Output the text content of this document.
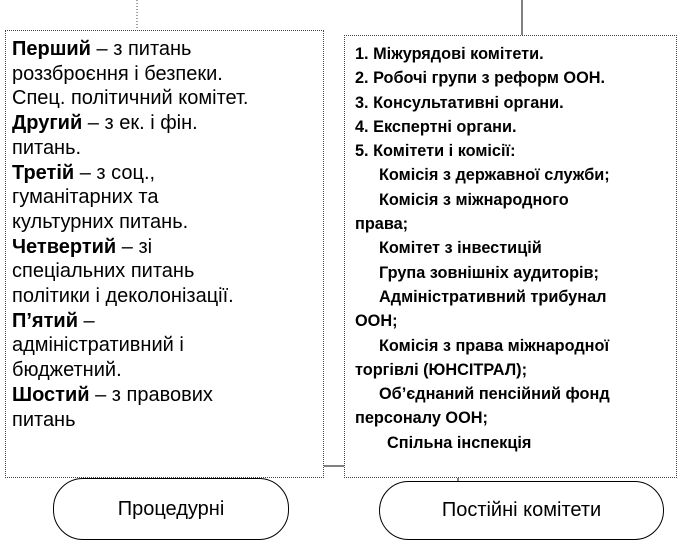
Перший – з питань
роззброєння і безпеки.
Спец. політичний комітет.
Другий – з ек. і фін.
питань.
Третій – з соц.,
гуманітарних та
культурних питань.
Четвертий – зі
спеціальних питань
політики і деколонізації.
П’ятий –
адміністративний і
бюджетний.
Шостий – з правових
питань
1. Міжурядові комітети.
2. Робочі групи з реформ ООН.
3. Консультативні органи.
4. Експертні органи.
5. Комітети і комісії:
Комісія з державної служби;
Комісія з міжнародного
права;
Комітет з інвестицій
Група зовнішніх аудиторів;
Адміністративний трибунал
ООН;
Комісія з права міжнародної
торгівлі (ЮНСІТРАЛ);
Об’єднаний пенсійний фонд
персоналу ООН;
Спільна інспекція
Процедурні	Постійні комітети
